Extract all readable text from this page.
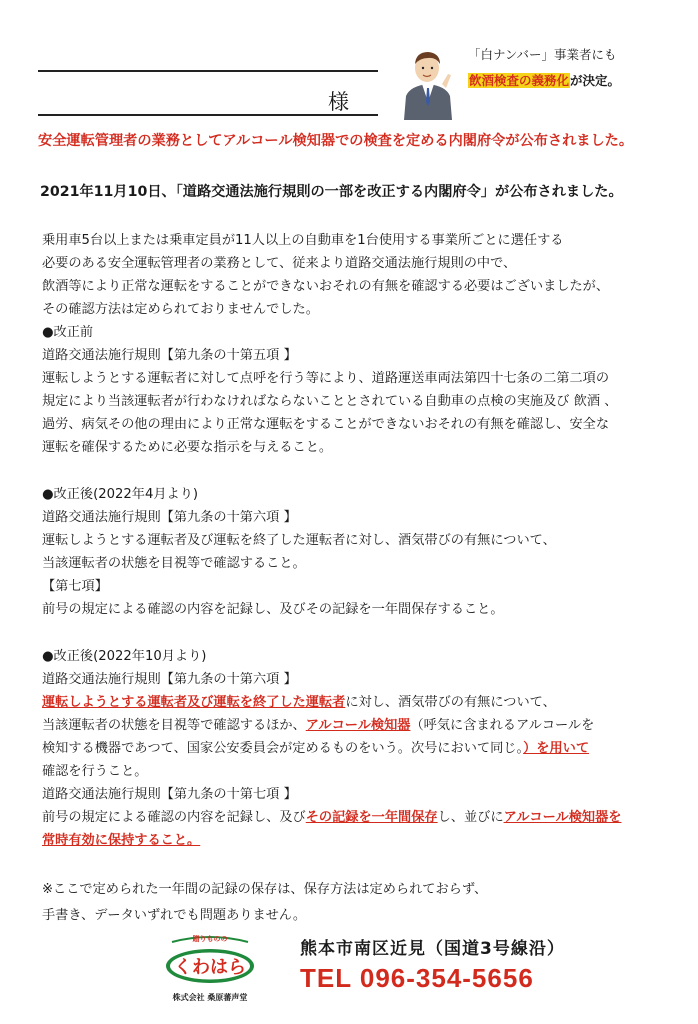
様
「白ナンバー」事業者にも
飲酒検査の義務化が決定。
安全運転管理者の業務としてアルコール検知器での検査を定める内閣府令が公布されました。
2021年11月10日、「道路交通法施行規則の一部を改正する内閣府令」が公布されました。
乗用車5台以上または乗車定員が11人以上の自動車を1台使用する事業所ごとに選任する
必要のある安全運転管理者の業務として、従来より道路交通法施行規則の中で、
飲酒等により正常な運転をすることができないおそれの有無を確認する必要はございましたが、
その確認方法は定められておりませんでした。
●改正前
道路交通法施行規則【第九条の十第五項 】
運転しようとする運転者に対して点呼を行う等により、道路運送車両法第四十七条の二第二項の
規定により当該運転者が行わなければならないこととされている自動車の点検の実施及び 飲酒 、
過労、病気その他の理由により正常な運転をすることができないおそれの有無を確認し、安全な
運転を確保するために必要な指示を与えること。
●改正後(2022年4月より)
道路交通法施行規則【第九条の十第六項 】
運転しようとする運転者及び運転を終了した運転者に対し、酒気帯びの有無について、
当該運転者の状態を目視等で確認すること。
【第七項】
前号の規定による確認の内容を記録し、及びその記録を一年間保存すること。
●改正後(2022年10月より)
道路交通法施行規則【第九条の十第六項 】
運転しようとする運転者及び運転を終了した運転者に対し、酒気帯びの有無について、
当該運転者の状態を目視等で確認するほか、アルコール検知器（呼気に含まれるアルコールを
検知する機器であつて、国家公安委員会が定めるものをいう。次号において同じ。）を用いて
確認を行うこと。
道路交通法施行規則【第九条の十第七項 】
前号の規定による確認の内容を記録し、及びその記録を一年間保存し、並びにアルコール検知器を
常時有効に保持すること。
※ここで定められた一年間の記録の保存は、保存方法は定められておらず、
手書き、データいずれでも問題ありません。
贈りものの
くわはら
株式会社 桑原蕃声堂
熊本市南区近見（国道3号線沿）
TEL 096-354-5656
